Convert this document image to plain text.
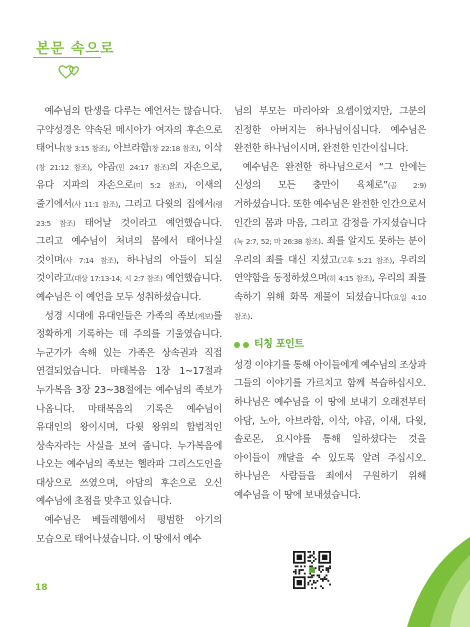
본문 속으로

예수님의 탄생을 다루는 예언서는 많습니다. 구약성경은 약속된 메시아가 여자의 후손으로 태어나(창 3:15 참조), 아브라함(창 22:18 참조), 이삭(창 21:12 참조), 야곱(민 24:17 참조)의 자손으로, 유다 지파의 자손으로(미 5:2 참조), 이새의 줄기에서(사 11:1 참조), 그리고 다윗의 집에서(렘 23:5 참조) 태어날 것이라고 예언했습니다. 그리고 예수님이 처녀의 몸에서 태어나실 것이며(사 7:14 참조), 하나님의 아들이 되실 것이라고(대상 17:13-14; 시 2:7 참조) 예언했습니다. 예수님은 이 예언을 모두 성취하셨습니다.

성경 시대에 유대인들은 가족의 족보(계보)를 정확하게 기록하는 데 주의를 기울였습니다. 누군가가 속해 있는 가족은 상속권과 직접 연결되었습니다. 마태복음 1장 1~17절과 누가복음 3장 23~38절에는 예수님의 족보가 나옵니다. 마태복음의 기록은 예수님이 유대인의 왕이시며, 다윗 왕위의 합법적인 상속자라는 사실을 보여 줍니다. 누가복음에 나오는 예수님의 족보는 헬라파 그리스도인을 대상으로 쓰였으며, 아담의 후손으로 오신 예수님에 초점을 맞추고 있습니다.

예수님은 베들레헴에서 평범한 아기의 모습으로 태어나셨습니다. 이 땅에서 예수

님의 부모는 마리아와 요셉이었지만, 그분의 진정한 아버지는 하나님이십니다. 예수님은 완전한 하나님이시며, 완전한 인간이십니다.

예수님은 완전한 하나님으로서 “그 안에는 신성의 모든 충만이 육체로”(골 2:9) 거하셨습니다. 또한 예수님은 완전한 인간으로서 인간의 몸과 마음, 그리고 감정을 가지셨습니다(눅 2:7, 52; 마 26:38 참조). 죄를 알지도 못하는 분이 우리의 죄를 대신 지셨고(고후 5:21 참조), 우리의 연약함을 동정하셨으며(히 4:15 참조), 우리의 죄를 속하기 위해 화목 제물이 되셨습니다(요일 4:10 참조).

티칭 포인트

성경 이야기를 통해 아이들에게 예수님의 조상과 그들의 이야기를 가르치고 함께 복습하십시오. 하나님은 예수님을 이 땅에 보내기 오래전부터 아담, 노아, 아브라함, 이삭, 야곱, 이새, 다윗, 솔로몬, 요시야를 통해 일하셨다는 것을 아이들이 깨달을 수 있도록 알려 주십시오. 하나님은 사람들을 죄에서 구원하기 위해 예수님을 이 땅에 보내셨습니다.

18
